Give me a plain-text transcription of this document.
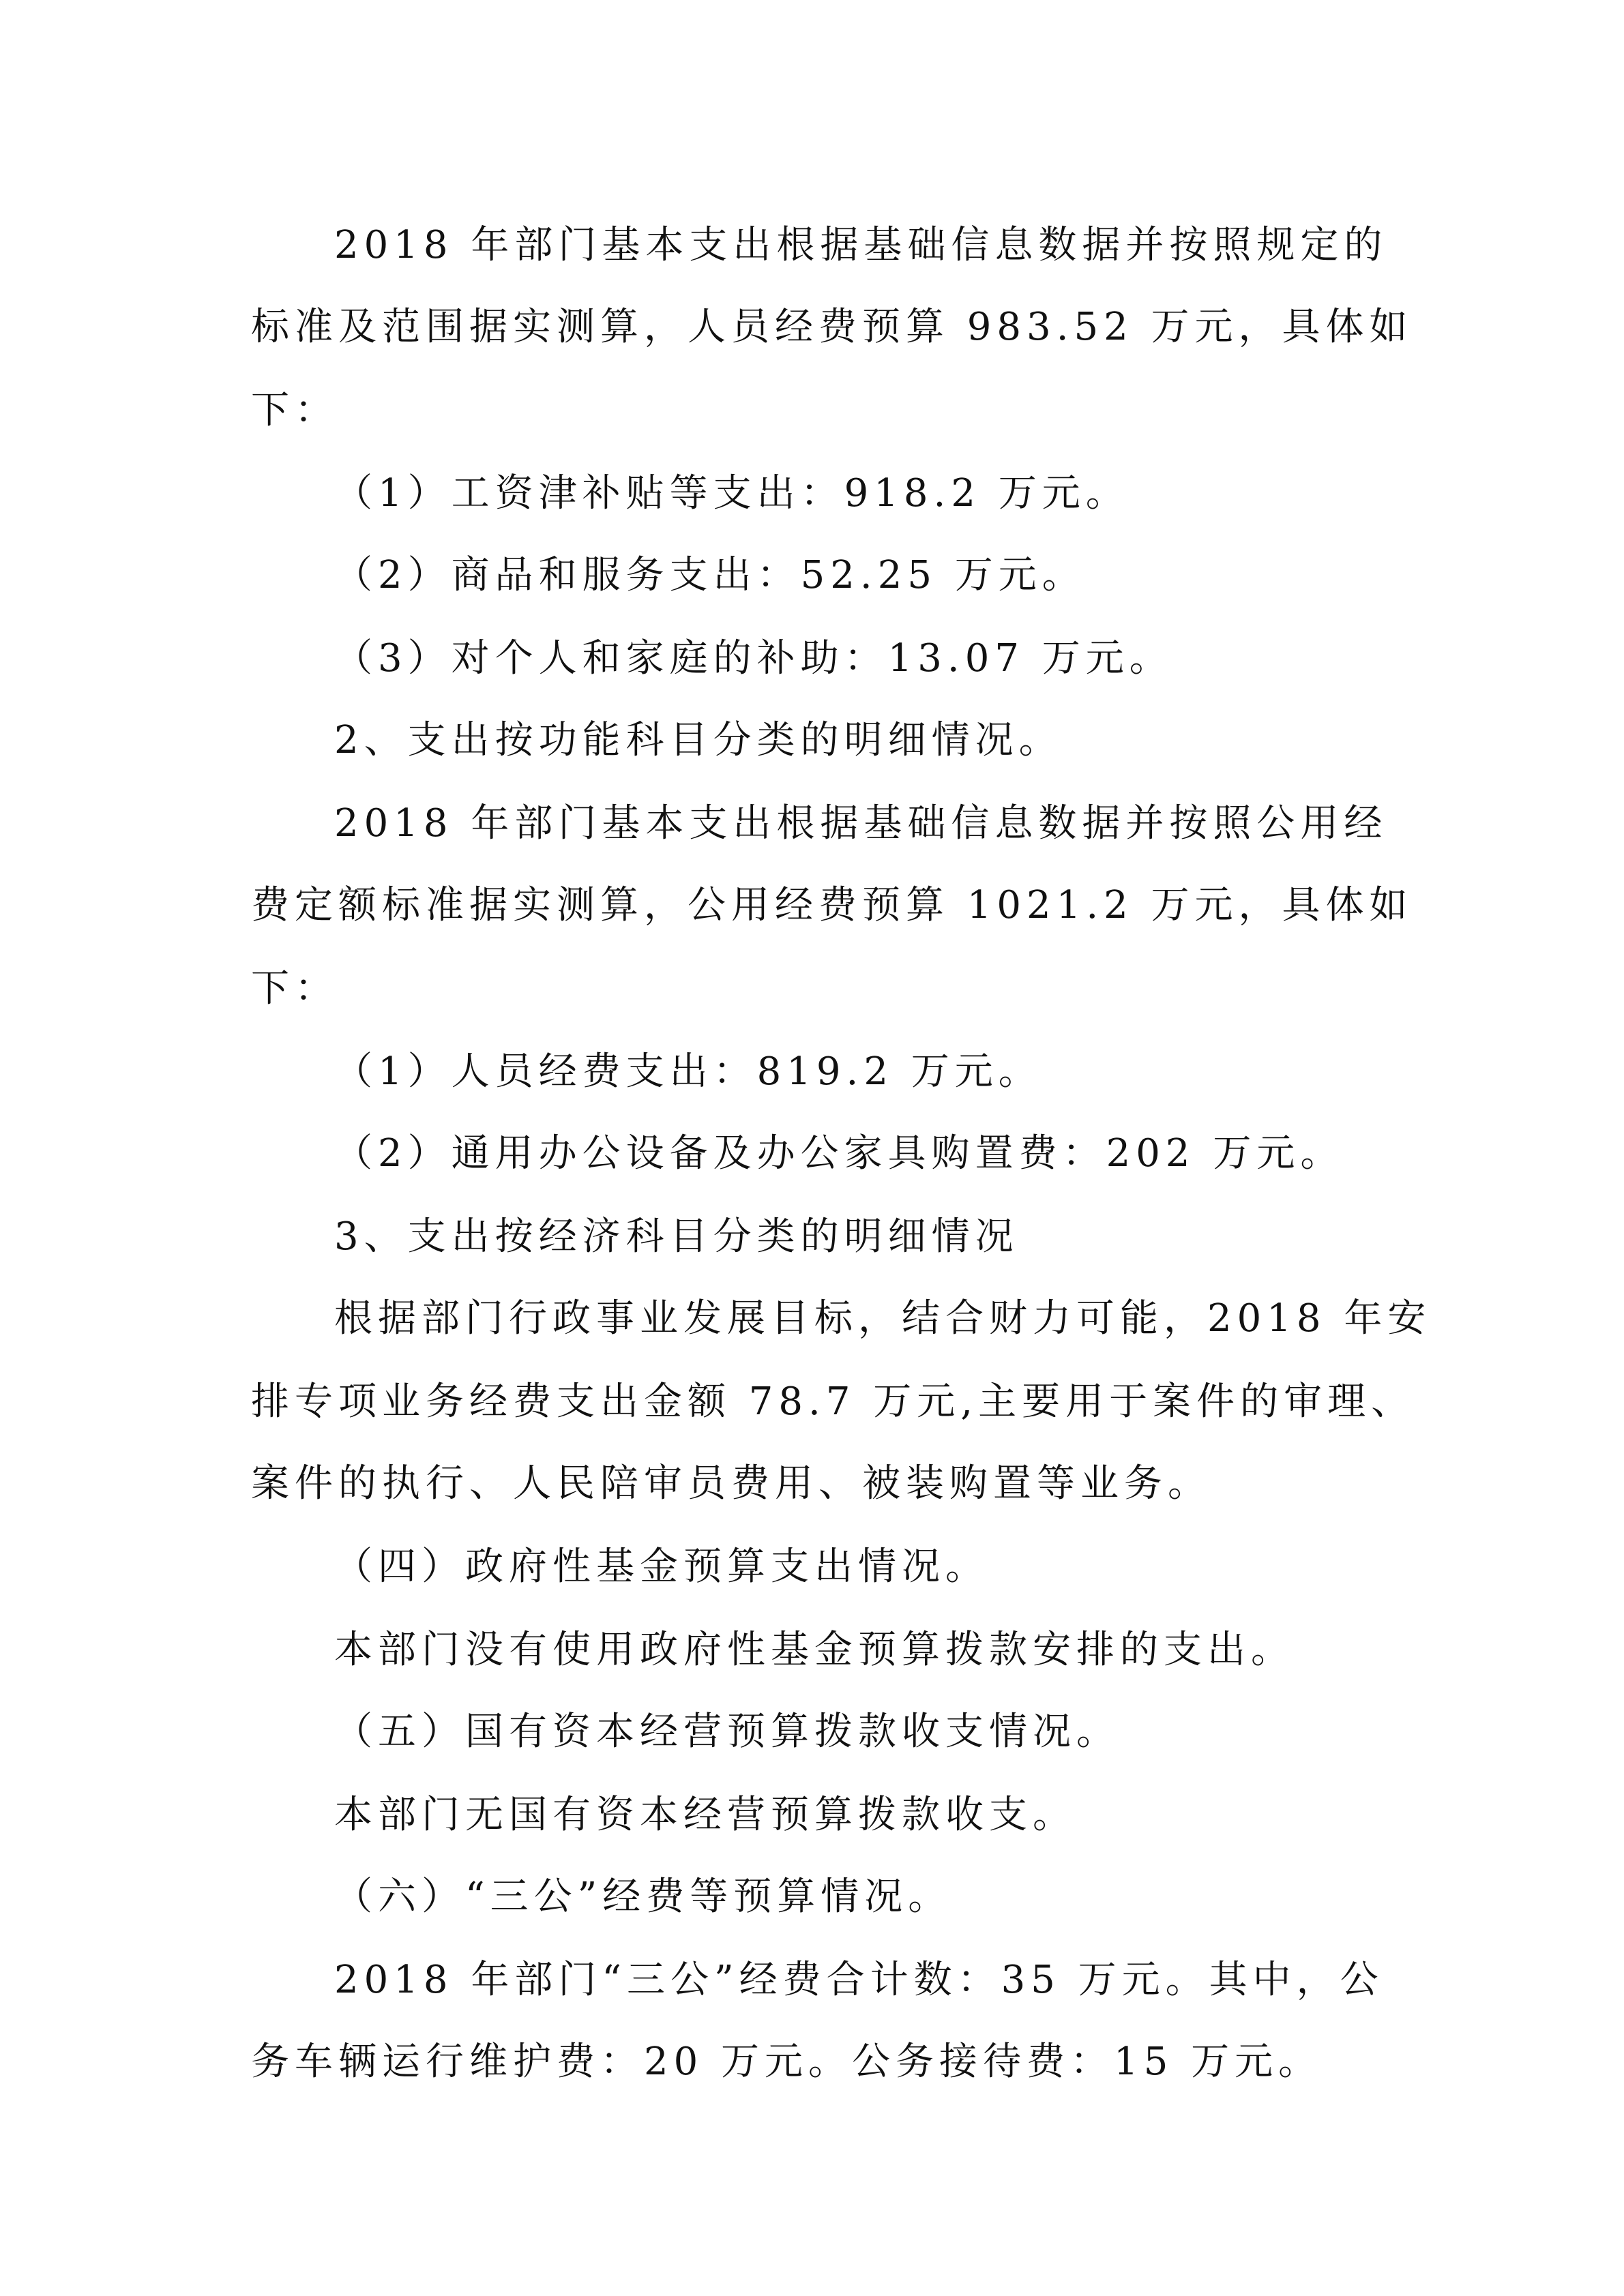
2018 年部门基本支出根据基础信息数据并按照规定的
标准及范围据实测算，人员经费预算 983.52 万元，具体如
下：
（1）工资津补贴等支出：918.2 万元。
（2）商品和服务支出：52.25 万元。
（3）对个人和家庭的补助：13.07 万元。
2、支出按功能科目分类的明细情况。
2018 年部门基本支出根据基础信息数据并按照公用经
费定额标准据实测算，公用经费预算 1021.2 万元，具体如
下：
（1）人员经费支出：819.2 万元。
（2）通用办公设备及办公家具购置费：202 万元。
3、支出按经济科目分类的明细情况
根据部门行政事业发展目标，结合财力可能，2018 年安
排专项业务经费支出金额 78.7 万元,主要用于案件的审理、
案件的执行、人民陪审员费用、被装购置等业务。
（四）政府性基金预算支出情况。
本部门没有使用政府性基金预算拨款安排的支出。
（五）国有资本经营预算拨款收支情况。
本部门无国有资本经营预算拨款收支。
（六）“三公”经费等预算情况。
2018 年部门“三公”经费合计数：35 万元。其中，公
务车辆运行维护费：20 万元。公务接待费：15 万元。
